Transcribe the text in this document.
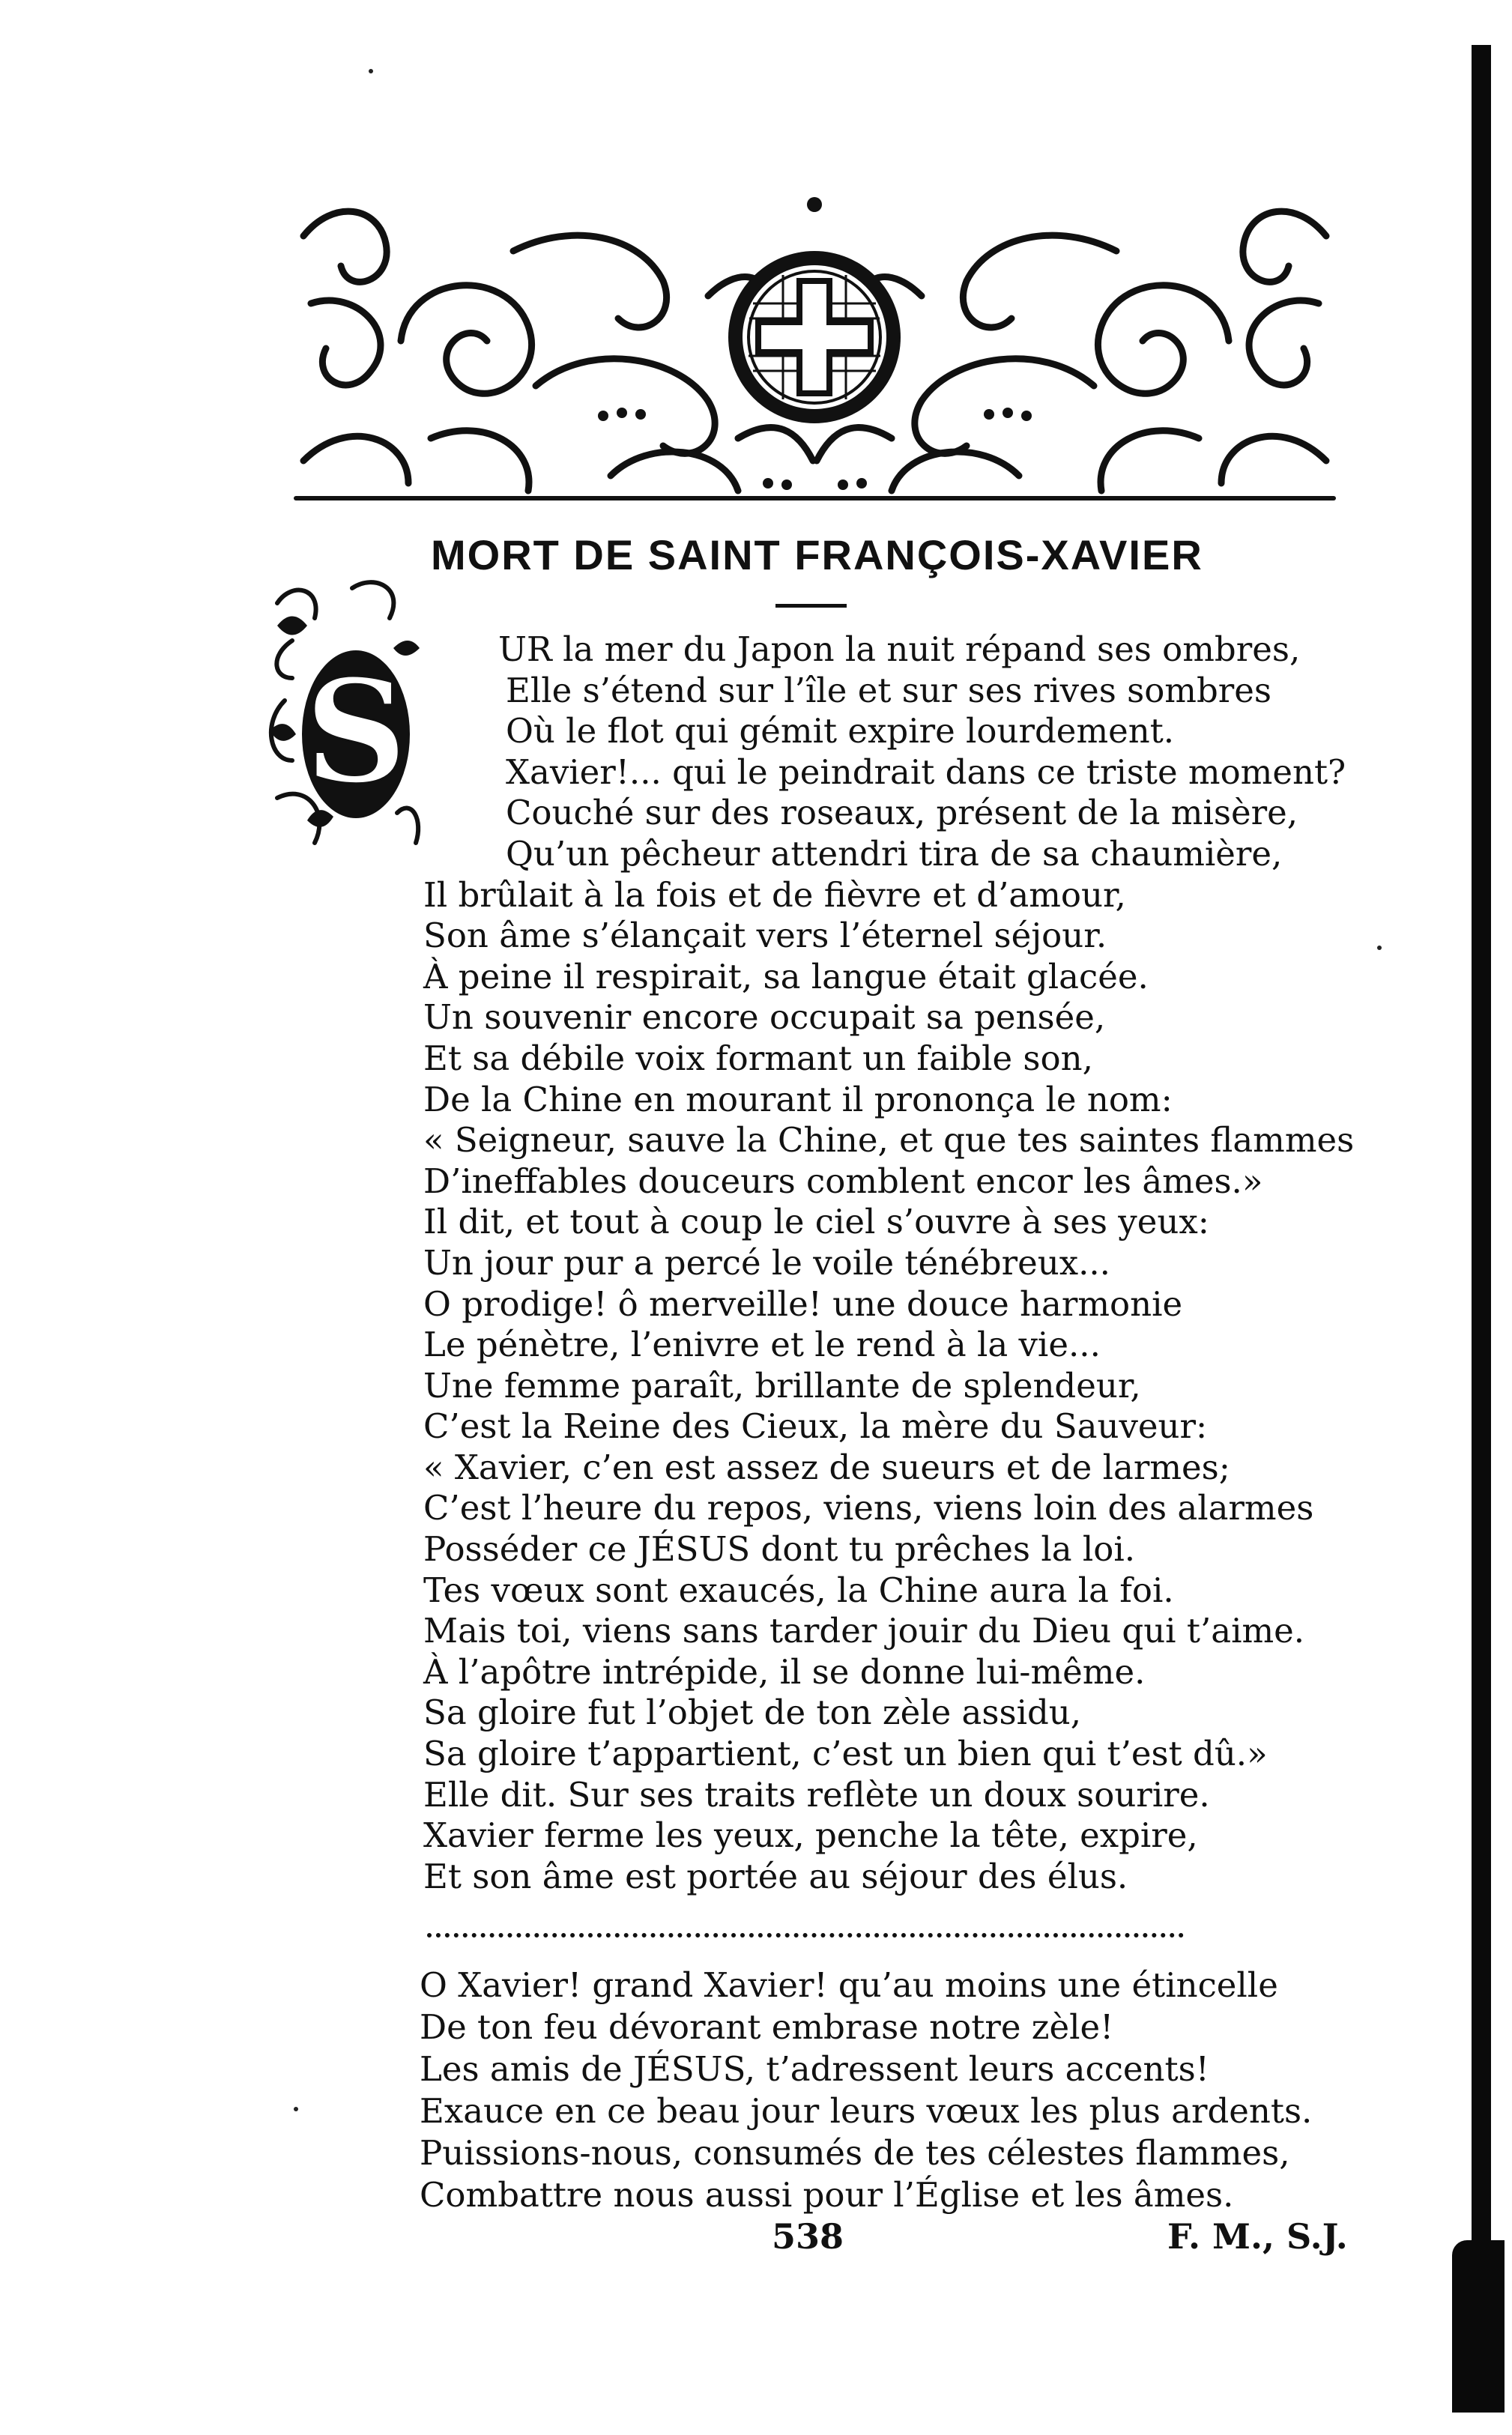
MORT DE SAINT FRANÇOIS-XAVIER
S	UR la mer du Japon la nuit répand ses ombres,
Elle s’étend sur l’île et sur ses rives sombres
Où le flot qui gémit expire lourdement.
Xavier!... qui le peindrait dans ce triste moment?
Couché sur des roseaux, présent de la misère,
Qu’un pêcheur attendri tira de sa chaumière,
Il brûlait à la fois et de fièvre et d’amour,
Son âme s’élançait vers l’éternel séjour.
À peine il respirait, sa langue était glacée.
Un souvenir encore occupait sa pensée,
Et sa débile voix formant un faible son,
De la Chine en mourant il prononça le nom:
« Seigneur, sauve la Chine, et que tes saintes flammes
D’ineffables douceurs comblent encor les âmes.»
Il dit, et tout à coup le ciel s’ouvre à ses yeux:
Un jour pur a percé le voile ténébreux...
O prodige! ô merveille! une douce harmonie
Le pénètre, l’enivre et le rend à la vie...
Une femme paraît, brillante de splendeur,
C’est la Reine des Cieux, la mère du Sauveur:
« Xavier, c’en est assez de sueurs et de larmes;
C’est l’heure du repos, viens, viens loin des alarmes
Posséder ce JÉSUS dont tu prêches la loi.
Tes vœux sont exaucés, la Chine aura la foi.
Mais toi, viens sans tarder jouir du Dieu qui t’aime.
À l’apôtre intrépide, il se donne lui-même.
Sa gloire fut l’objet de ton zèle assidu,
Sa gloire t’appartient, c’est un bien qui t’est dû.»
Elle dit. Sur ses traits reflète un doux sourire.
Xavier ferme les yeux, penche la tête, expire,
Et son âme est portée au séjour des élus.
O Xavier! grand Xavier! qu’au moins une étincelle
De ton feu dévorant embrase notre zèle!
Les amis de JÉSUS, t’adressent leurs accents!
Exauce en ce beau jour leurs vœux les plus ardents.
Puissions-nous, consumés de tes célestes flammes,
Combattre nous aussi pour l’Église et les âmes.
538	F. M., S.J.
